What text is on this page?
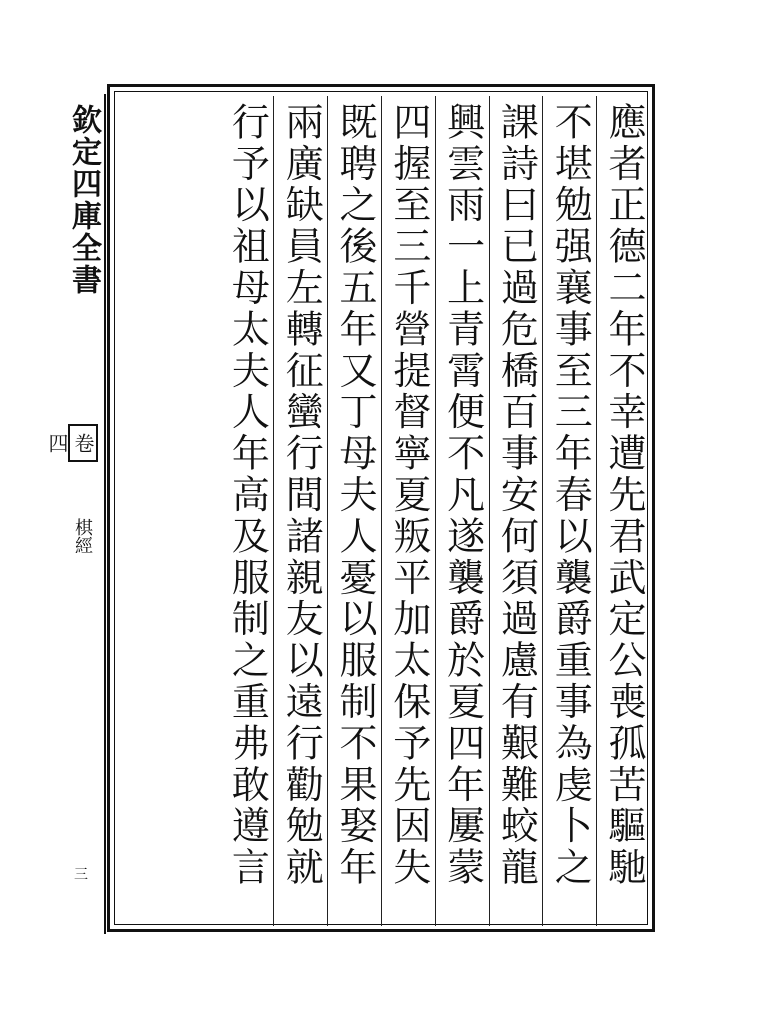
欽定四庫全書
卷四
棋經
三
應者正德二年不幸遭先君武定公喪孤苦驅馳
不堪勉强襄事至三年春以襲爵重事為虔卜之
課詩曰已過危橋百事安何須過慮有艱難蛟龍
興雲雨一上青霄便不凡遂襲爵於夏四年屢蒙
四握至三千營提督寧夏叛平加太保予先因失
既聘之後五年又丁母夫人憂以服制不果娶年
兩廣缺員左轉征蠻行間諸親友以遠行勸勉就
行予以祖母太夫人年高及服制之重弗敢遵言
